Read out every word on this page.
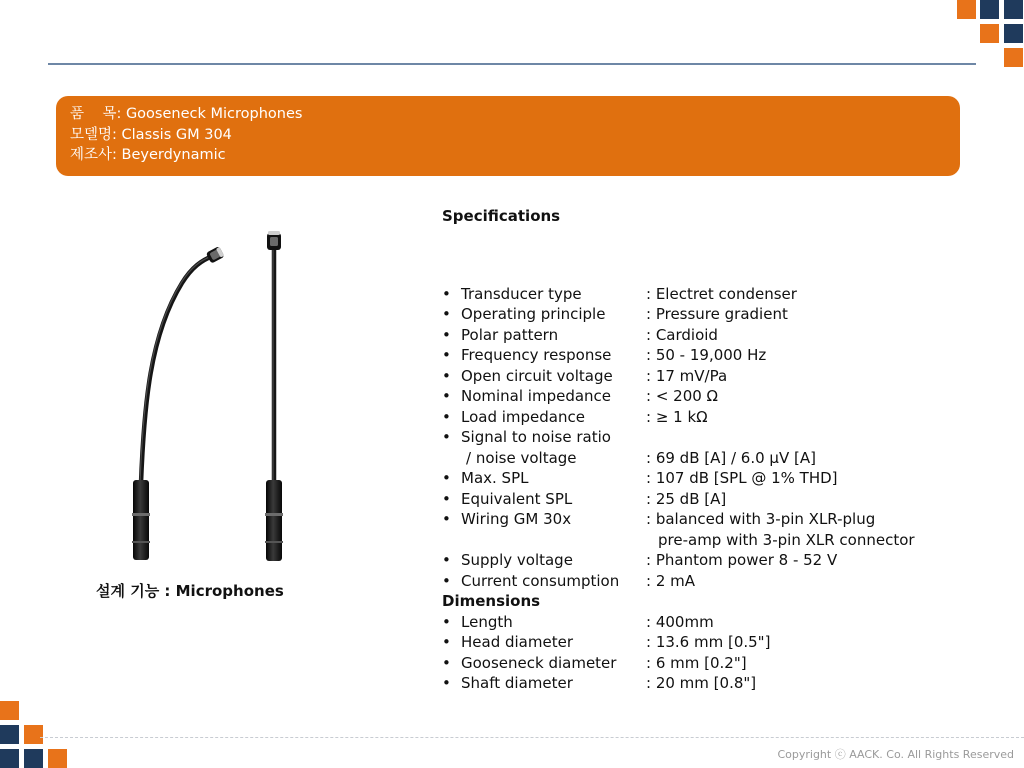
품    목: Gooseneck Microphones
모델명: Classis GM 304
제조사: Beyerdynamic
설계 기능 : Microphones
Specifications
• Transducer type	: Electret condenser
• Operating principle	: Pressure gradient
• Polar pattern	: Cardioid
• Frequency response : 50 - 19,000 Hz
• Open circuit voltage : 17 mV/Pa
• Nominal impedance : < 200 Ω
• Load impedance	: ≥ 1 kΩ
• Signal to noise ratio
/ noise voltage	: 69 dB [A] / 6.0 μV [A]
• Max. SPL	: 107 dB [SPL @ 1% THD]
• Equivalent SPL	: 25 dB [A]
• Wiring GM 30x	: balanced with 3-pin XLR-plug
pre-amp with 3-pin XLR connector
• Supply voltage	: Phantom power 8 - 52 V
• Current consumption : 2 mA
Dimensions
• Length	: 400mm
• Head diameter	: 13.6 mm [0.5"]
• Gooseneck diameter : 6 mm [0.2"]
• Shaft diameter	: 20 mm [0.8"]
Copyright ⓒ AACK. Co. All Rights Reserved
